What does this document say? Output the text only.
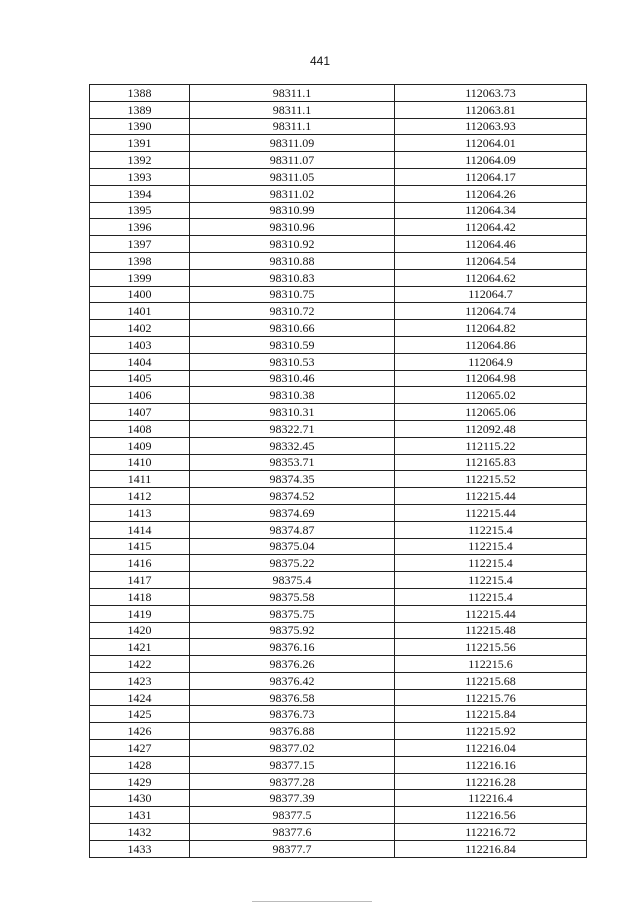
441
1388	98311.1	112063.73
1389	98311.1	112063.81
1390	98311.1	112063.93
1391	98311.09	112064.01
1392	98311.07	112064.09
1393	98311.05	112064.17
1394	98311.02	112064.26
1395	98310.99	112064.34
1396	98310.96	112064.42
1397	98310.92	112064.46
1398	98310.88	112064.54
1399	98310.83	112064.62
1400	98310.75	112064.7
1401	98310.72	112064.74
1402	98310.66	112064.82
1403	98310.59	112064.86
1404	98310.53	112064.9
1405	98310.46	112064.98
1406	98310.38	112065.02
1407	98310.31	112065.06
1408	98322.71	112092.48
1409	98332.45	112115.22
1410	98353.71	112165.83
1411	98374.35	112215.52
1412	98374.52	112215.44
1413	98374.69	112215.44
1414	98374.87	112215.4
1415	98375.04	112215.4
1416	98375.22	112215.4
1417	98375.4	112215.4
1418	98375.58	112215.4
1419	98375.75	112215.44
1420	98375.92	112215.48
1421	98376.16	112215.56
1422	98376.26	112215.6
1423	98376.42	112215.68
1424	98376.58	112215.76
1425	98376.73	112215.84
1426	98376.88	112215.92
1427	98377.02	112216.04
1428	98377.15	112216.16
1429	98377.28	112216.28
1430	98377.39	112216.4
1431	98377.5	112216.56
1432	98377.6	112216.72
1433	98377.7	112216.84
